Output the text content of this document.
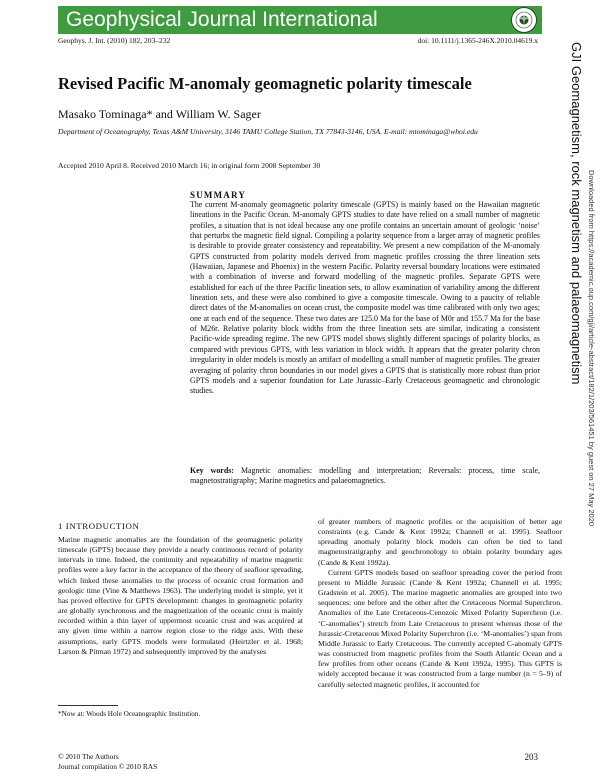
Geophysical Journal International
Geophys. J. Int. (2010) 182, 203–232	doi: 10.1111/j.1365-246X.2010.04619.x
Revised Pacific M-anomaly geomagnetic polarity timescale
Masako Tominaga* and William W. Sager
Department of Oceanography, Texas A&M University, 3146 TAMU College Station, TX 77843-3146, USA. E-mail: mtominaga@whoi.edu
Accepted 2010 April 8. Received 2010 March 16; in original form 2008 September 30
SUMMARY

The current M-anomaly geomagnetic polarity timescale (GPTS) is mainly based on the Hawaiian magnetic lineations in the Pacific Ocean. M-anomaly GPTS studies to date have relied on a small number of magnetic profiles, a situation that is not ideal because any one profile contains an uncertain amount of geologic ‘noise’ that perturbs the magnetic field signal. Compiling a polarity sequence from a larger array of magnetic profiles is desirable to provide greater consistency and repeatability. We present a new compilation of the M-anomaly GPTS constructed from polarity models derived from magnetic profiles crossing the three lineation sets (Hawaiian, Japanese and Phoenix) in the western Pacific. Polarity reversal boundary locations were estimated with a combination of inverse and forward modelling of the magnetic profiles. Separate GPTS were established for each of the three Pacific lineation sets, to allow examination of variability among the different lineation sets, and these were also combined to give a composite timescale. Owing to a paucity of reliable direct dates of the M-anomalies on ocean crust, the composite model was time calibrated with only two ages; one at each end of the sequence. These two dates are 125.0 Ma for the base of M0r and 155.7 Ma for the base of M26r. Relative polarity block widths from the three lineation sets are similar, indicating a consistent Pacific-wide spreading regime. The new GPTS model shows slightly different spacings of polarity blocks, as compared with previous GPTS, with less variation in block width. It appears that the greater polarity chron irregularity in older models is mostly an artifact of modelling a small number of magnetic profiles. The greater averaging of polarity chron boundaries in our model gives a GPTS that is statistically more robust than prior GPTS models and a superior foundation for Late Jurassic–Early Cretaceous geomagnetic and chronologic studies.

Key words: Magnetic anomalies: modelling and interpretation; Reversals: process, time scale, magnetostratigraphy; Marine magnetics and palaeomagnetics.

1 INTRODUCTION

Marine magnetic anomalies are the foundation of the geomagnetic polarity timescale (GPTS) because they provide a nearly continuous record of polarity intervals in time. Indeed, the continuity and repeatability of marine magnetic profiles were a key factor in the acceptance of the theory of seafloor spreading, which linked these anomalies to the process of oceanic crust formation and geologic time (Vine & Matthews 1963). The underlying model is simple, yet it has proved effective for GPTS development: changes in geomagnetic polarity are globally synchronous and the magnetization of the oceanic crust is mainly recorded within a thin layer of uppermost oceanic crust and was acquired at any given time within a narrow region close to the ridge axis. With these assumptions, early GPTS models were formulated (Heirtzler et al. 1968; Larson & Pitman 1972) and subsequently improved by the analyses

of greater numbers of magnetic profiles or the acquisition of better age constraints (e.g. Cande & Kent 1992a; Channell et al. 1995). Seafloor spreading anomaly polarity block models can often be tied to land magnetostratigraphy and geochronology to obtain polarity boundary ages (Cande & Kent 1992a).

Current GPTS models based on seafloor spreading cover the period from present to Middle Jurassic (Cande & Kent 1992a; Channell et al. 1995; Gradstein et al. 2005). The marine magnetic anomalies are grouped into two sequences: one before and the other after the Cretaceous Normal Superchron. Anomalies of the Late Cretaceous-Cenozoic Mixed Polarity Superchron (i.e. ‘C-anomalies’) stretch from Late Cretaceous to present whereas those of the Jurassic-Cretaceous Mixed Polarity Superchron (i.e. ‘M-anomalies’) span from Middle Jurassic to Early Cretaceous. The currently accepted C-anomaly GPTS was constructed from magnetic profiles from the South Atlantic Ocean and a few profiles from other oceans (Cande & Kent 1992a, 1995). This GPTS is widely accepted because it was constructed from a large number (n = 5–9) of carefully selected magnetic profiles, it accounted for

*Now at: Woods Hole Oceanographic Institution.
© 2010 The Authors
Journal compilation © 2010 RAS
203
GJI Geomagnetism, rock magnetism and palaeomagnetism Downloaded from https://academic.oup.com/gji/article-abstract/182/1/203/561451 by guest on 27 May 2020
